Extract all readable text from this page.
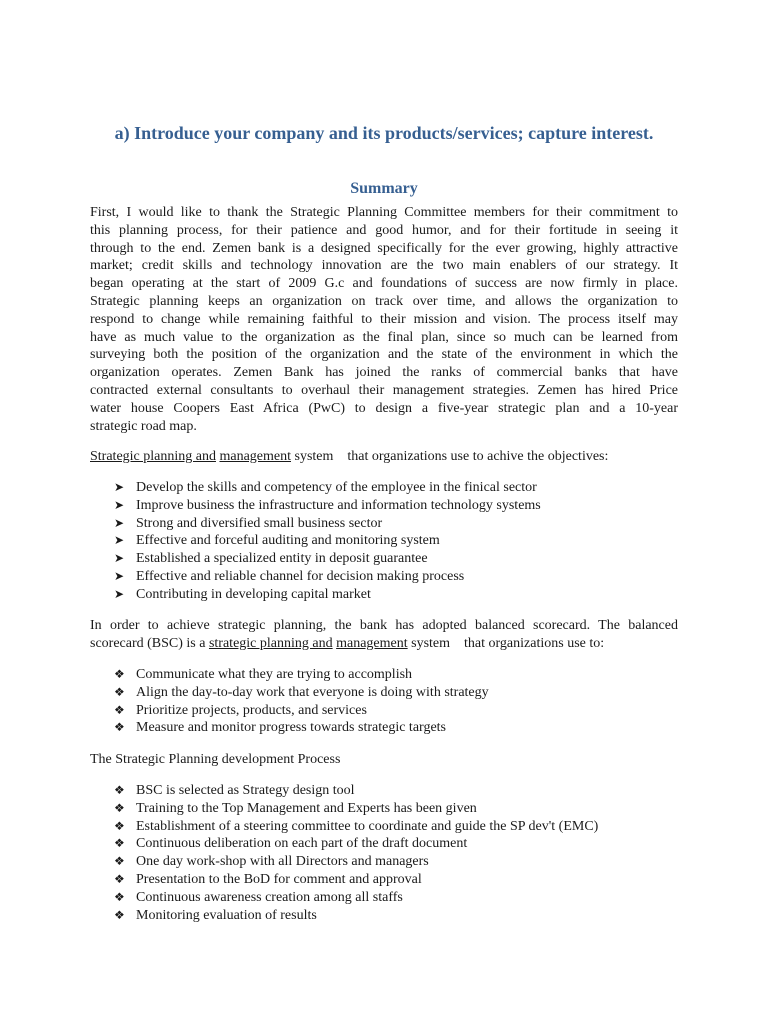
a) Introduce your company and its products/services; capture interest.
Summary
First, I would like to thank the Strategic Planning Committee members for their commitment to
this planning process, for their patience and good humor, and for their fortitude in seeing it
through to the end. Zemen bank is a designed specifically for the ever growing, highly attractive
market; credit skills and technology innovation are the two main enablers of our strategy. It
began operating at the start of 2009 G.c and foundations of success are now firmly in place.
Strategic planning keeps an organization on track over time, and allows the organization to
respond to change while remaining faithful to their mission and vision. The process itself may
have as much value to the organization as the final plan, since so much can be learned from
surveying both the position of the organization and the state of the environment in which the
organization operates. Zemen Bank has joined the ranks of commercial banks that have
contracted external consultants to overhaul their management strategies. Zemen has hired Price
water house Coopers East Africa (PwC) to design a five-year strategic plan and a 10-year
strategic road map.
Strategic planning and management system    that organizations use to achive the objectives:
➤ Develop the skills and competency of the employee in the finical sector
➤ Improve business the infrastructure and information technology systems
➤ Strong and diversified small business sector
➤ Effective and forceful auditing and monitoring system
➤ Established a specialized entity in deposit guarantee
➤ Effective and reliable channel for decision making process
➤ Contributing in developing capital market
In order to achieve strategic planning, the bank has adopted balanced scorecard. The balanced
scorecard (BSC) is a strategic planning and management system    that organizations use to:
❖ Communicate what they are trying to accomplish
❖ Align the day-to-day work that everyone is doing with strategy
❖ Prioritize projects, products, and services
❖ Measure and monitor progress towards strategic targets
The Strategic Planning development Process
❖ BSC is selected as Strategy design tool
❖ Training to the Top Management and Experts has been given
❖ Establishment of a steering committee to coordinate and guide the SP dev't (EMC)
❖ Continuous deliberation on each part of the draft document
❖ One day work-shop with all Directors and managers
❖ Presentation to the BoD for comment and approval
❖ Continuous awareness creation among all staffs
❖ Monitoring evaluation of results
